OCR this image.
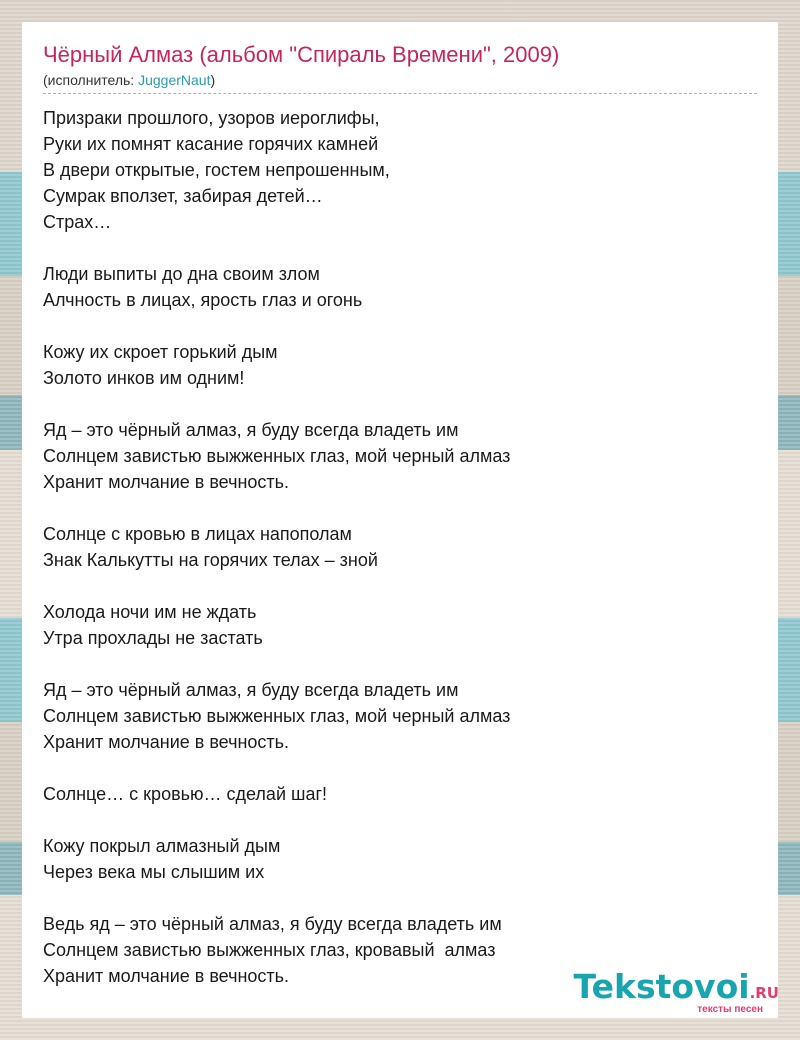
Чёрный Алмаз (альбом "Спираль Времени", 2009)
(исполнитель: JuggerNaut)
Призраки прошлого, узоров иероглифы,
Руки их помнят касание горячих камней
В двери открытые, гостем непрошенным,
Сумрак вползет, забирая детей…
Страх…
Люди выпиты до дна своим злом
Алчность в лицах, ярость глаз и огонь
Кожу их скроет горький дым
Золото инков им одним!
Яд – это чёрный алмаз, я буду всегда владеть им
Солнцем завистью выжженных глаз, мой черный алмаз
Хранит молчание в вечность.
Солнце с кровью в лицах напополам
Знак Калькутты на горячих телах – зной
Холода ночи им не ждать
Утра прохлады не застать
Яд – это чёрный алмаз, я буду всегда владеть им
Солнцем завистью выжженных глаз, мой черный алмаз
Хранит молчание в вечность.
Солнце… с кровью… сделай шаг!
Кожу покрыл алмазный дым
Через века мы слышим их
Ведь яд – это чёрный алмаз, я буду всегда владеть им
Солнцем завистью выжженных глаз, кровавый  алмаз
Хранит молчание в вечность.	Tekstovoi.RU
тексты песен
